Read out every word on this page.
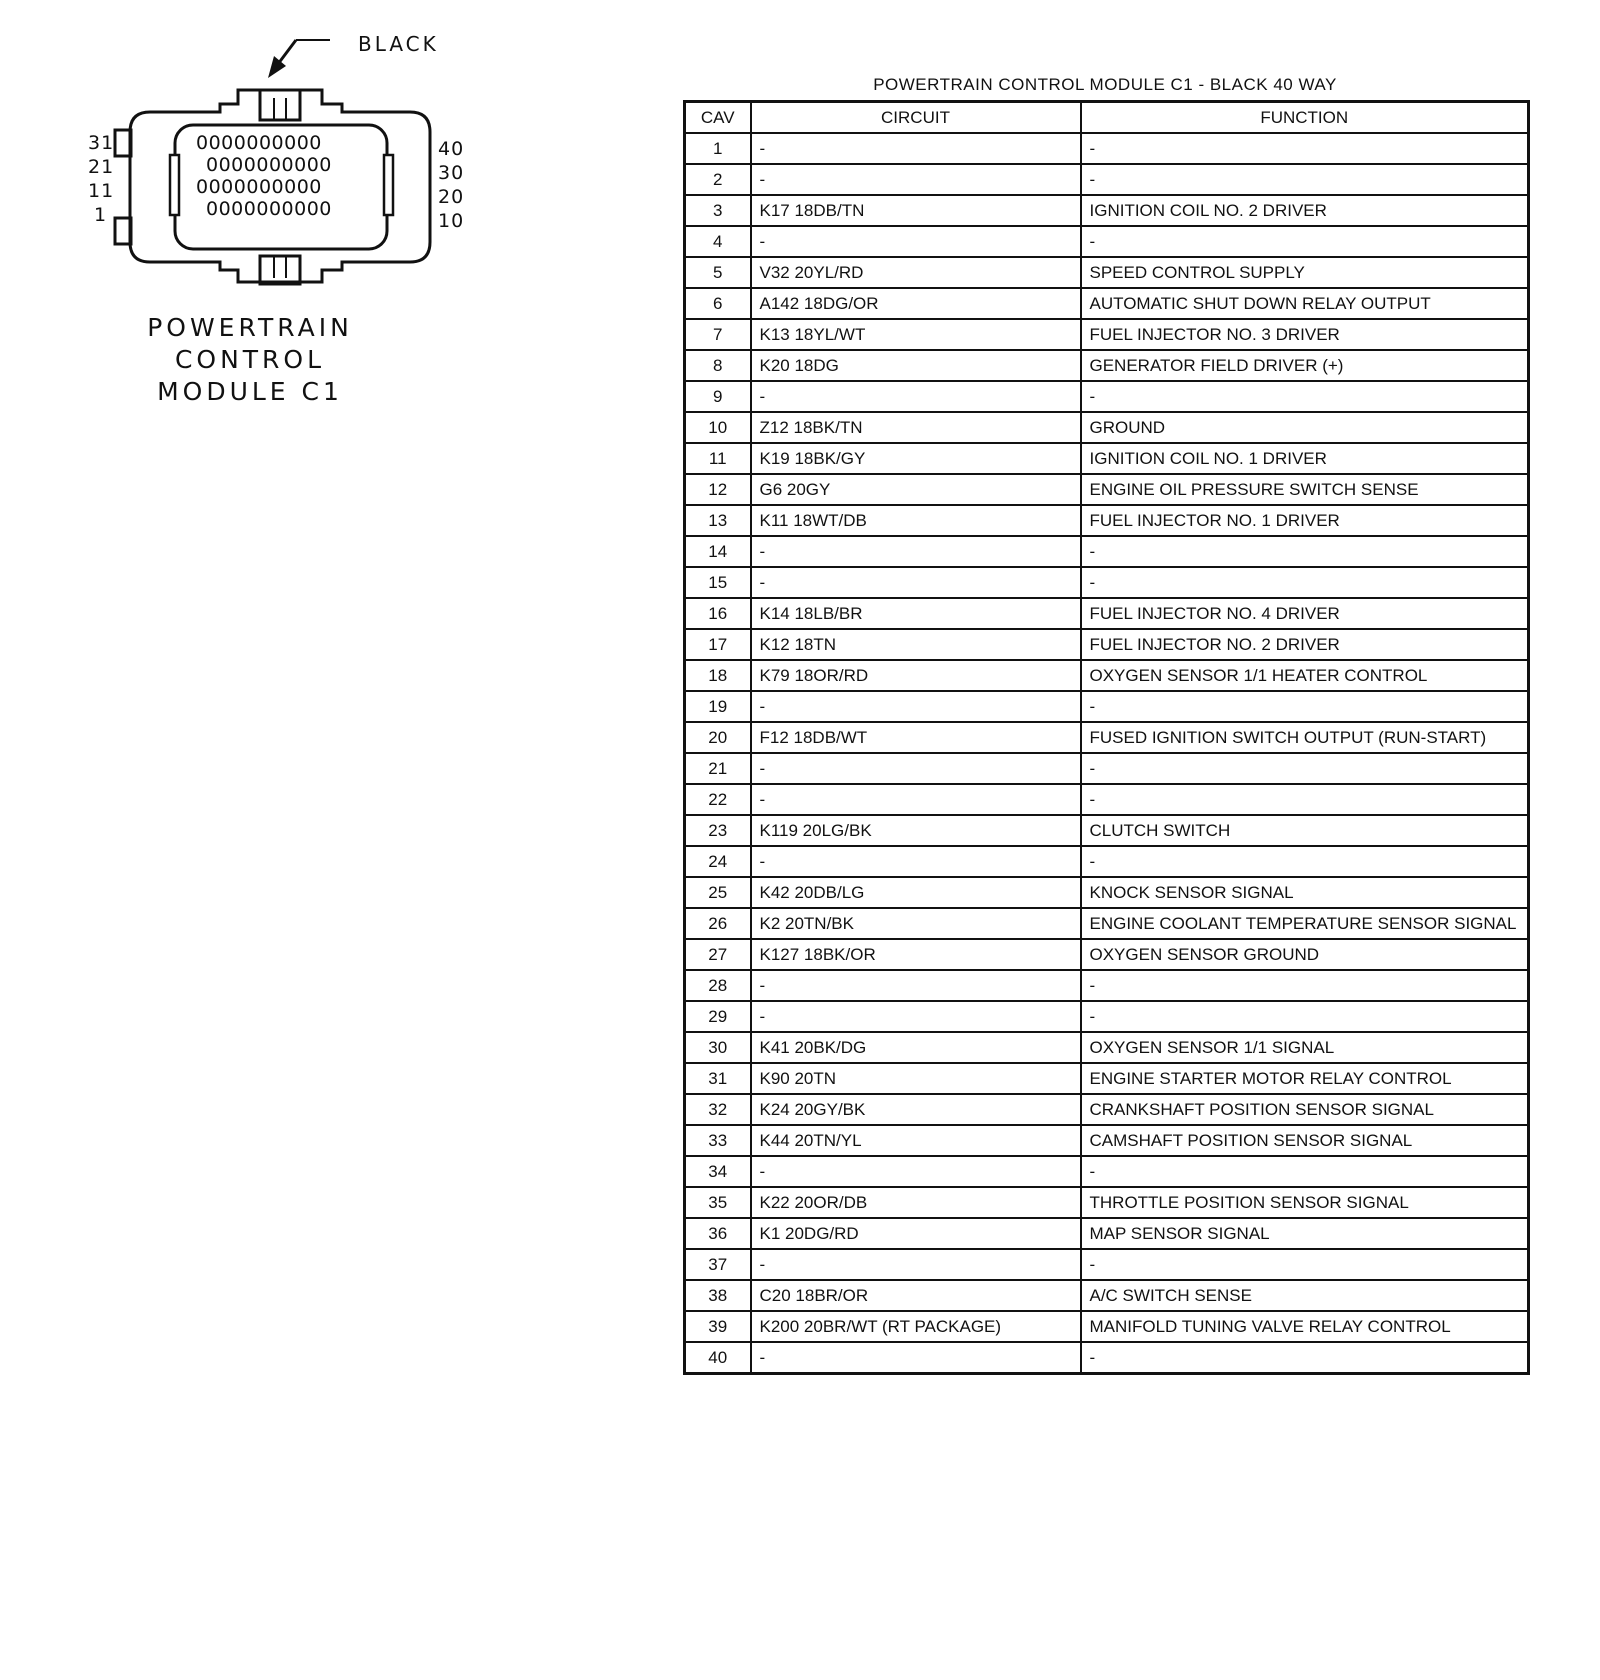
BLACK
31
21
11
1
40
30
20
10
0000000000
0000000000
0000000000
0000000000
POWERTRAIN
CONTROL
MODULE C1
POWERTRAIN CONTROL MODULE C1 - BLACK 40 WAY
CAV	CIRCUIT	FUNCTION
1	-	-
2	-	-
3	K17 18DB/TN	IGNITION COIL NO. 2 DRIVER
4	-	-
5	V32 20YL/RD	SPEED CONTROL SUPPLY
6	A142 18DG/OR	AUTOMATIC SHUT DOWN RELAY OUTPUT
7	K13 18YL/WT	FUEL INJECTOR NO. 3 DRIVER
8	K20 18DG	GENERATOR FIELD DRIVER (+)
9	-	-
10	Z12 18BK/TN	GROUND
11	K19 18BK/GY	IGNITION COIL NO. 1 DRIVER
12	G6 20GY	ENGINE OIL PRESSURE SWITCH SENSE
13	K11 18WT/DB	FUEL INJECTOR NO. 1 DRIVER
14	-	-
15	-	-
16	K14 18LB/BR	FUEL INJECTOR NO. 4 DRIVER
17	K12 18TN	FUEL INJECTOR NO. 2 DRIVER
18	K79 18OR/RD	OXYGEN SENSOR 1/1 HEATER CONTROL
19	-	-
20	F12 18DB/WT	FUSED IGNITION SWITCH OUTPUT (RUN-START)
21	-	-
22	-	-
23	K119 20LG/BK	CLUTCH SWITCH
24	-	-
25	K42 20DB/LG	KNOCK SENSOR SIGNAL
26	K2 20TN/BK	ENGINE COOLANT TEMPERATURE SENSOR SIGNAL
27	K127 18BK/OR	OXYGEN SENSOR GROUND
28	-	-
29	-	-
30	K41 20BK/DG	OXYGEN SENSOR 1/1 SIGNAL
31	K90 20TN	ENGINE STARTER MOTOR RELAY CONTROL
32	K24 20GY/BK	CRANKSHAFT POSITION SENSOR SIGNAL
33	K44 20TN/YL	CAMSHAFT POSITION SENSOR SIGNAL
34	-	-
35	K22 20OR/DB	THROTTLE POSITION SENSOR SIGNAL
36	K1 20DG/RD	MAP SENSOR SIGNAL
37	-	-
38	C20 18BR/OR	A/C SWITCH SENSE
39	K200 20BR/WT (RT PACKAGE)	MANIFOLD TUNING VALVE RELAY CONTROL
40	-	-
